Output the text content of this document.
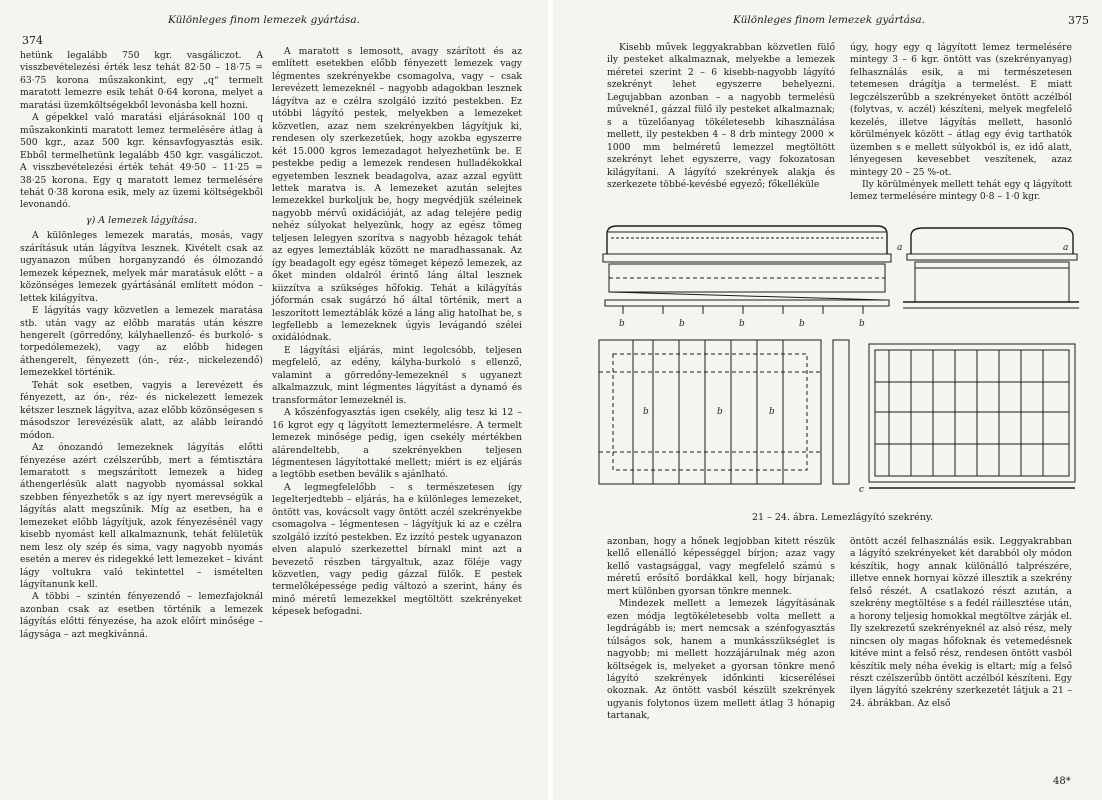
374
Különleges finom lemezek gyártása.

hetünk legalább 750 kgr. vasgáliczot. A visszbevételezési érték lesz tehát 82·50 – 18·75 = 63·75 korona műszakonkint, egy „q“ termelt maratott lemezre esik tehát 0·64 korona, melyet a maratási üzemköltségekből levonásba kell hozni.

A gépekkel való maratási eljárásoknál 100 q műszakonkinti maratott lemez termelésére átlag à 500 kgr., azaz 500 kgr. kénsavfogyasztás esik. Ebből termelhetünk legalább 450 kgr. vasgáliczot. A visszbevételezési érték tehát 49·50 – 11·25 = 38·25 korona. Egy q maratott lemez termelésére tehát 0·38 korona esik, mely az üzemi költségekből levonandó.

γ) A lemezek lágyítása.

A különleges lemezek maratás, mosás, vagy szárításuk után lágyítva lesznek. Kivételt csak az ugyanazon műben horganyzandó és ólmozandó lemezek képeznek, melyek már maratásuk előtt – a közönséges lemezek gyártásánál említett módon – lettek kilágyítva.

E lágyítás vagy közvetlen a lemezek maratása stb. után vagy az előbb maratás után készre hengerelt (görredőny, kályhaellenző- és burkoló- s torpedólemezek), vagy az előbb hidegen áthengerelt, fényezett (ón-, réz-, nickelezendő) lemezekkel történik.

Tehát sok esetben, vagyis a lerevézett és fényezett, az ón-, réz- és nickelezett lemezek kétszer lesznek lágyítva, azaz előbb közönségesen s másodszor lerevézésük alatt, az alább leírandó módon.

Az ónozandó lemezeknek lágyítás előtti fényezése azért czélszerűbb, mert a fémtisztára lemaratott s megszárított lemezek a hideg áthengerlésük alatt nagyobb nyomással sokkal szebben fényezhetők s az így nyert merevségük a lágyítás alatt megszűnik. Míg az esetben, ha e lemezeket előbb lágyítjuk, azok fényezésénél vagy kisebb nyomást kell alkalmaznunk, tehát felületük nem lesz oly szép és sima, vagy nagyobb nyomás esetén a merev és ridegekké lett lemezeket – kivánt lágy voltukra való tekintettel – ismételten lágyítanunk kell.

A többi – szintén fényezendő – lemezfajoknál azonban csak az esetben történik a lemezek lágyítás előtti fényezése, ha azok előírt minősége – lágysága – azt megkivánná.

A maratott s lemosott, avagy szárított és az említett esetekben előbb fényezett lemezek vagy légmentes szekrényekbe csomagolva, vagy – csak lerevézett lemezeknél – nagyobb adagokban lesznek lágyítva az e czélra szolgáló izzító pestekben. Ez utóbbi lágyító pestek, melyekben a lemezeket közvetlen, azaz nem szekrényekben lágyítjuk ki, rendesen oly szerkezetűek, hogy azokba egyszerre két 15.000 kgros lemezadagot helyezhetünk be. E pestekbe pedig a lemezek rendesen hulladékokkal egyetemben lesznek beadagolva, azaz azzal együtt lettek maratva is. A lemezeket azután selejtes lemezekkel burkoljuk be, hogy megvédjük széleinek nagyobb mérvű oxidációját, az adag telejére pedig nehéz súlyokat helyezünk, hogy az egész tömeg teljesen lelegyen szorítva s nagyobb hézagok tehát az egyes lemeztáblák között ne maradhassanak. Az így beadagolt egy egész tömeget képező lemezek, az őket minden oldalról érintő láng által lesznek kiizzítva a szükséges hőfokig. Tehát a kilágyítás jóformán csak sugárzó hő által történik, mert a leszorított lemeztáblák közé a láng alig hatolhat be, s legfellebb a lemezeknek úgyis levágandó szélei oxidálódnak.

E lágyítási eljárás, mint legolcsóbb, teljesen megfelelő, az edény, kályha-burkoló s ellenző, valamint a görredőny-lemezeknél s ugyanezt alkalmazzuk, mint légmentes lágyítást a dynamó és transformátor lemezeknél is.

A kőszénfogyasztás igen csekély, alig tesz ki 12 – 16 kgrot egy q lágyított lemeztermelésre. A termelt lemezek minősége pedig, igen csekély mértékben alárendeltebb, a szekrényekben teljesen légmentesen lágyítottaké mellett; miért is ez eljárás a legtöbb esetben beválik s ajánlható.

A legmegfelelőbb – s természetesen így legelterjedtebb – eljárás, ha e különleges lemezeket, öntött vas, kovácsolt vagy öntött aczél szekrényekbe csomagolva – légmentesen – lágyítjuk ki az e czélra szolgáló izzító pestekben. Ez izzító pestek ugyanazon elven alapuló szerkezettel bírnakl mint azt a bevezető részben tárgyaltuk, azaz föléje vagy közvetlen, vagy pedig gázzal fülők. E pestek termelőképessége pedig változó a szerint, hány és minő méretű lemezekkel megtöltött szekrényeket képesek befogadni.

Különleges finom lemezek gyártása.	375

Kisebb művek leggyakrabban közvetlen fülő ily pesteket alkalmaznak, melyekbe a lemezek méretei szerint 2 – 6 kisebb-nagyobb lágyító szekrényt lehet egyszerre behelyezni. Legujabban azonban – a nagyobb termelésü művekné1, gázzal fülő ily pesteket alkalmaznak; s a tüzelőanyag tökéletesebb kihasználása mellett, ily pestekben 4 – 8 drb mintegy 2000 × 1000 mm belméretű lemezzel megtöltött szekrényt lehet egyszerre, vagy fokozatosan kilágyítani. A lágyító szekrények alakja és szerkezete többé-kevésbé egyező; főkelléküle

úgy, hogy egy q lágyított lemez termelésére mintegy 3 – 6 kgr. öntött vas (szekrényanyag) felhasználás esik, a mi természetesen tetemesen drágítja a termelést. E miatt legczélszerűbb a szekrényeket öntött aczélból (folytvas, v. aczél) készíteni, melyek megfelelő kezelés, illetve lágyítás mellett, hasonló körülmények között – átlag egy évig tarthatók üzemben s e mellett súlyokból is, ez idő alatt, lényegesen kevesebbet veszítenek, azaz mintegy 20 – 25 %-ot.

Ily körülmények mellett tehát egy q lágyított lemez termelésére mintegy 0·8 – 1·0 kgr.

b	b	b	b	b
a	a
b	b	b
c
21 – 24. ábra. Lemezlágyító szekrény.

azonban, hogy a hőnek legjobban kitett részük kellő ellenálló képességgel bírjon; azaz vagy kellő vastagsággal, vagy megfelelő számú s méretű erősítő bordákkal kell, hogy bírjanak; mert különben gyorsan tönkre mennek.

Mindezek mellett a lemezek lágyításának ezen módja legtökéletesebb volta mellett a legdrágább is; mert nemcsak a szénfogyasztás túlságos sok, hanem a munkásszükséglet is nagyobb; mi mellett hozzájárulnak még azon költségek is, melyeket a gyorsan tönkre menő lágyító szekrények időnkinti kicserélései okoznak. Az öntött vasból készült szekrények ugyanis folytonos üzem mellett átlag 3 hónapig tartanak,

öntött aczél felhasználás esik. Leggyakrabban a lágyító szekrényeket két darabból oly módon készítik, hogy annak különálló talprészére, illetve ennek hornyai közzé illesztik a szekrény felső részét. A csatlakozó részt azután, a szekrény megtöltése s a fedél ráillesztése után, a horony teljesig homokkal megtöltve zárják el. Ily szekrezetű szekrényeknél az alsó rész, mely nincsen oly magas hőfoknak és vetemedésnek kitéve mint a felső rész, rendesen öntött vasból készítik mely néha évekig is eltart; míg a felső részt czélszerűbb öntött aczélból készíteni. Egy ilyen lágyító szekrény szerkezetét látjuk a 21 – 24. ábrákban. Az első

48*
